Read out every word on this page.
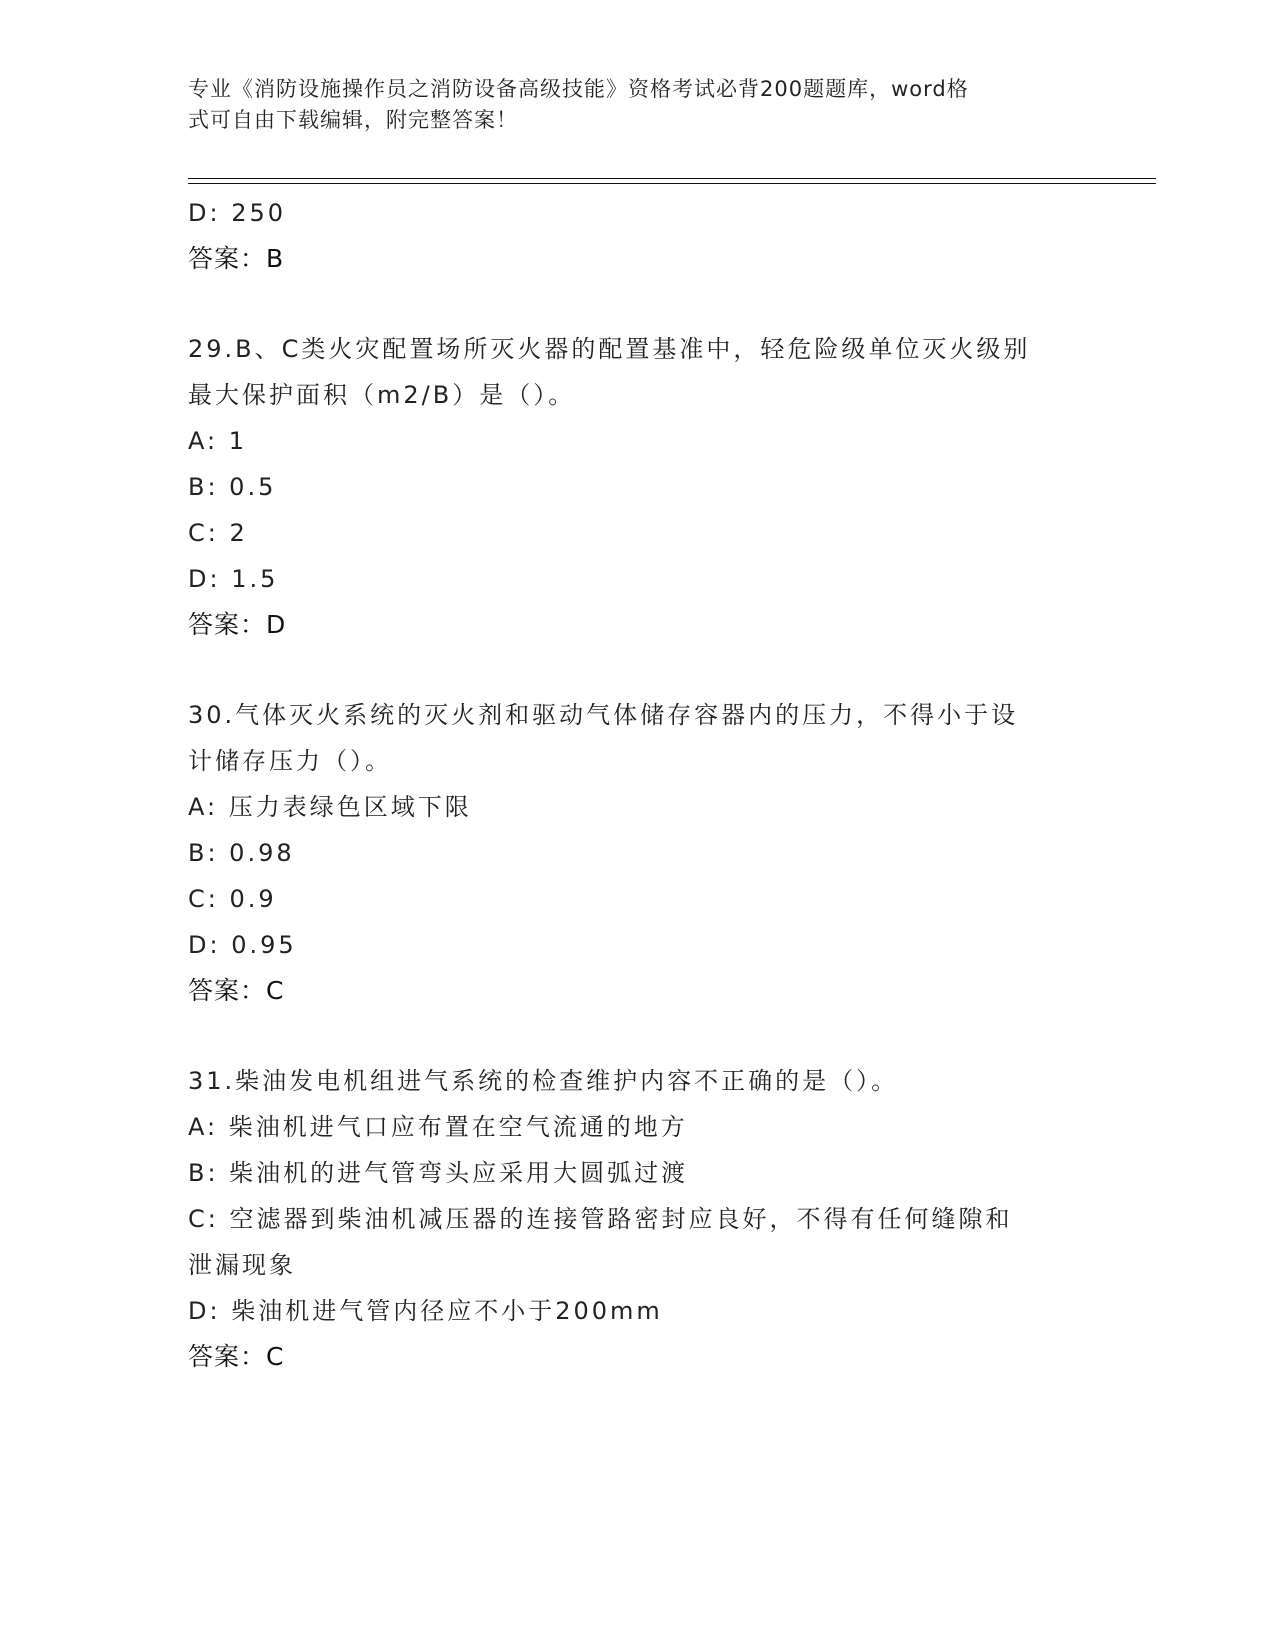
专业《消防设施操作员之消防设备高级技能》资格考试必背200题题库，word格
式可自由下载编辑，附完整答案！
D: 250
答案：B
29.B、C类火灾配置场所灭火器的配置基准中，轻危险级单位灭火级别
最大保护面积（m2/B）是（）。
A: 1
B: 0.5
C: 2
D: 1.5
答案：D
30.气体灭火系统的灭火剂和驱动气体储存容器内的压力，不得小于设
计储存压力（）。
A: 压力表绿色区域下限
B: 0.98
C: 0.9
D: 0.95
答案：C
31.柴油发电机组进气系统的检查维护内容不正确的是（）。
A: 柴油机进气口应布置在空气流通的地方
B: 柴油机的进气管弯头应采用大圆弧过渡
C: 空滤器到柴油机减压器的连接管路密封应良好，不得有任何缝隙和
泄漏现象
D: 柴油机进气管内径应不小于200mm
答案：C
